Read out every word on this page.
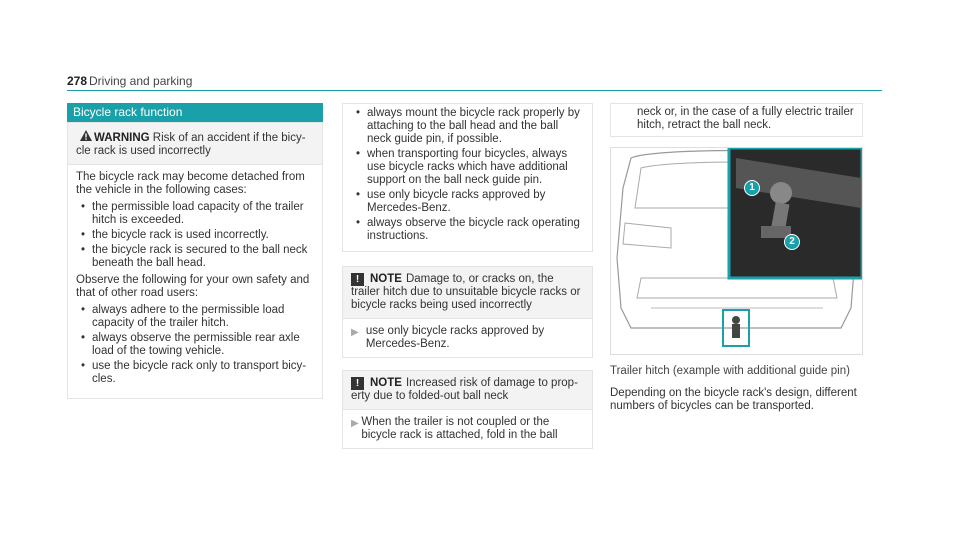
278 Driving and parking
Bicycle rack function
WARNING Risk of an accident if the bicy-cle rack is used incorrectly

The bicycle rack may become detached from the vehicle in the following cases:

• the permissible load capacity of the trailer hitch is exceeded.
• the bicycle rack is used incorrectly.
• the bicycle rack is secured to the ball neck beneath the ball head.

Observe the following for your own safety and that of other road users:

• always adhere to the permissible load capacity of the trailer hitch.
• always observe the permissible rear axle load of the towing vehicle.
• use the bicycle rack only to transport bicy-cles.
• always mount the bicycle rack properly by attaching to the ball head and the ball neck guide pin, if possible.
• when transporting four bicycles, always use bicycle racks which have additional support on the ball neck guide pin.
• use only bicycle racks approved by Mercedes-Benz.
• always observe the bicycle rack operating instructions.
! NOTE Damage to, or cracks on, the trailer hitch due to unsuitable bicycle racks or bicycle racks being used incorrectly
▶ use only bicycle racks approved by Mercedes-Benz.
! NOTE Increased risk of damage to prop-erty due to folded-out ball neck
▶ When the trailer is not coupled or the bicycle rack is attached, fold in the ball
neck or, in the case of a fully electric trailer hitch, retract the ball neck.
1
2
Trailer hitch (example with additional guide pin)
Depending on the bicycle rack's design, different numbers of bicycles can be transported.
